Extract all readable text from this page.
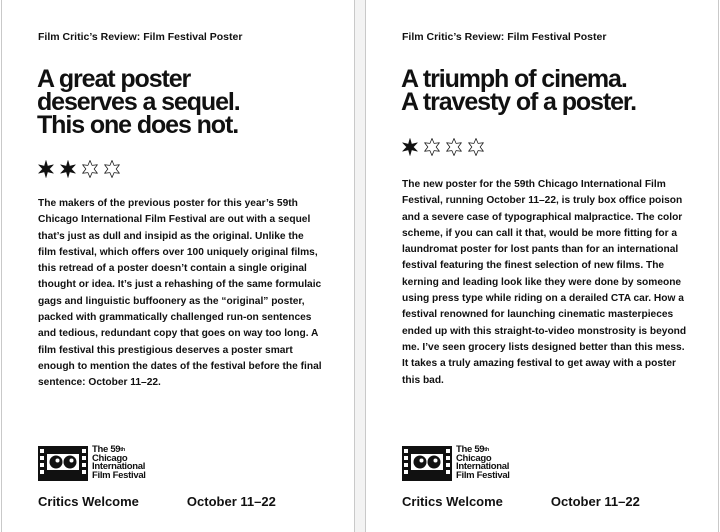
Film Critic’s Review: Film Festival Poster
A great poster
deserves a sequel.
This one does not.

The makers of the previous poster for this year’s 59th Chicago International Film Festival are out with a sequel that’s just as dull and insipid as the original. Unlike the film festival, which offers over 100 uniquely original films, this retread of a poster doesn’t contain a single original thought or idea. It’s just a rehashing of the same formulaic gags and linguistic buffoonery as the “original” poster, packed with grammatically challenged run-on sentences and tedious, redundant copy that goes on way too long. A film festival this prestigious deserves a poster smart enough to mention the dates of the festival before the final sentence: October 11–22.

The 59th
Chicago
International
Film Festival
Critics Welcome	October 11–22
Film Critic’s Review: Film Festival Poster
A triumph of cinema.
A travesty of a poster.

The new poster for the 59th Chicago International Film Festival, running October 11–22, is truly box office poison and a severe case of typographical malpractice. The color scheme, if you can call it that, would be more fitting for a laundromat poster for lost pants than for an international festival featuring the finest selection of new films. The kerning and leading look like they were done by someone using press type while riding on a derailed CTA car. How a festival renowned for launching cinematic masterpieces ended up with this straight-to-video monstrosity is beyond me. I’ve seen grocery lists designed better than this mess. It takes a truly amazing festival to get away with a poster this bad.

The 59th
Chicago
International
Film Festival
Critics Welcome	October 11–22
